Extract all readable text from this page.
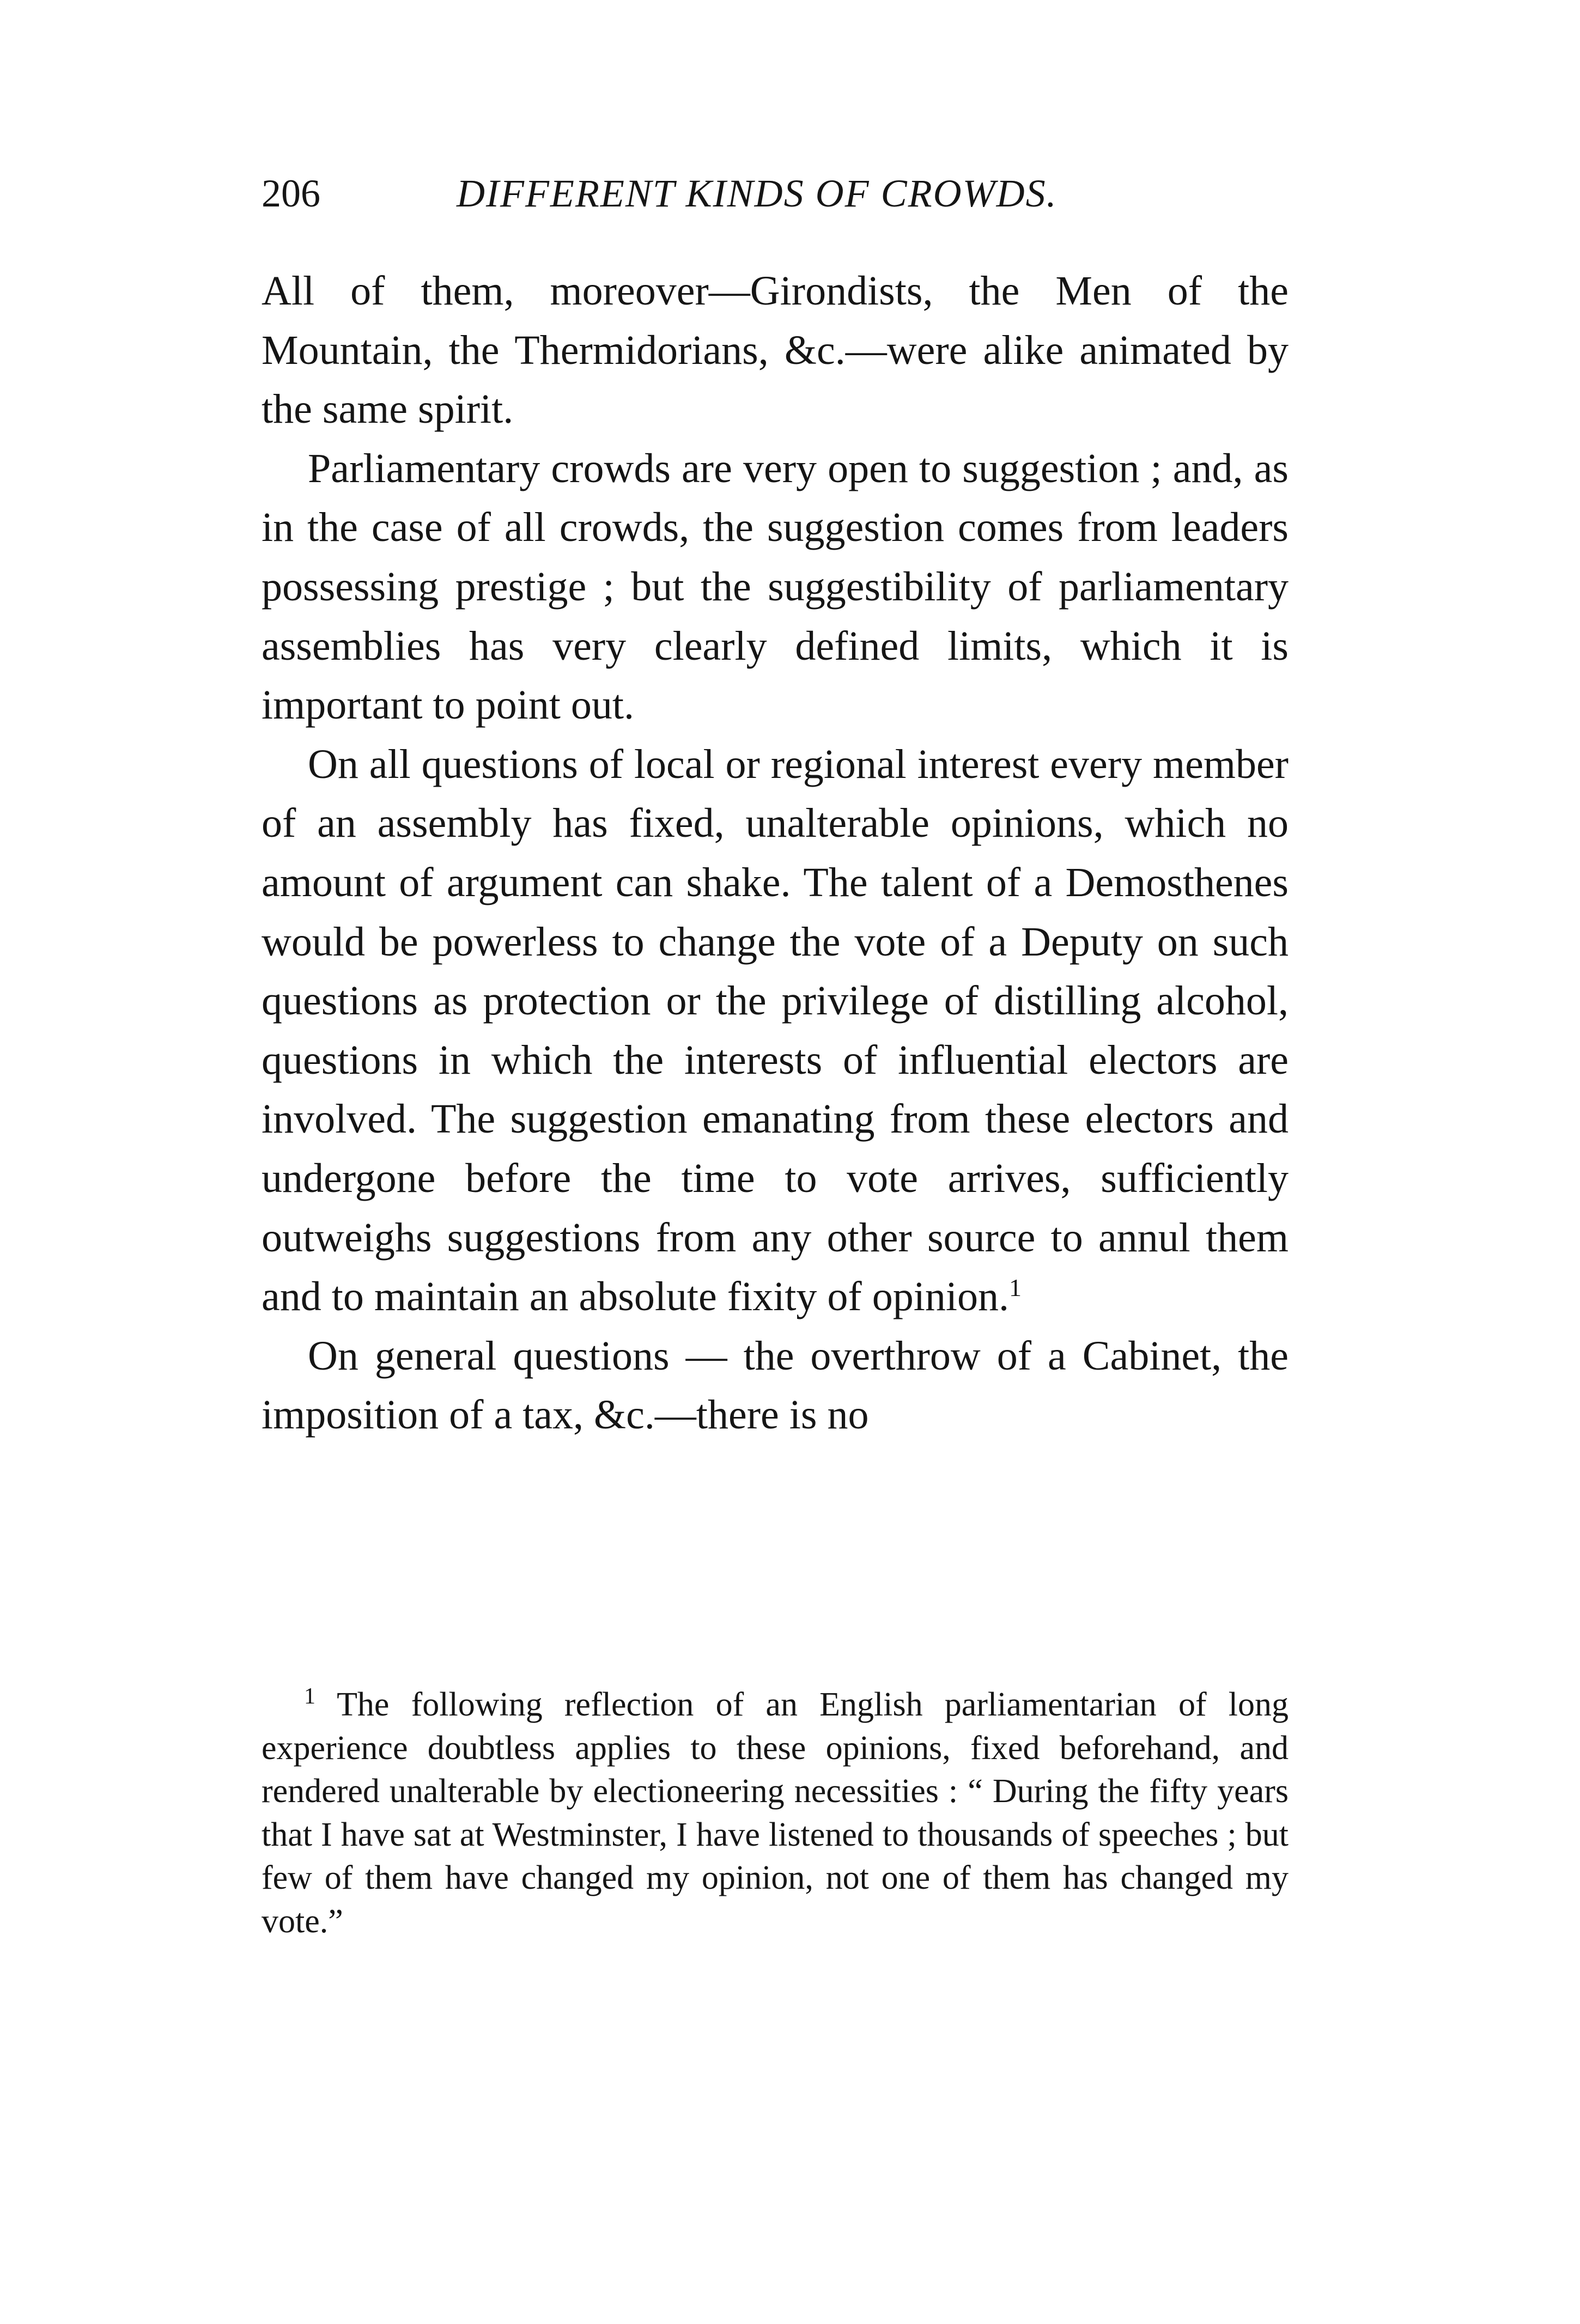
206	DIFFERENT KINDS OF CROWDS.

All of them, moreover—Girondists, the Men of the Mountain, the Thermidorians, &c.—were alike animated by the same spirit.

Parliamentary crowds are very open to suggestion ; and, as in the case of all crowds, the suggestion comes from leaders possessing prestige ; but the suggestibility of parliamentary assemblies has very clearly defined limits, which it is important to point out.

On all questions of local or regional interest every member of an assembly has fixed, unalterable opinions, which no amount of argument can shake. The talent of a Demosthenes would be powerless to change the vote of a Deputy on such questions as protection or the privilege of distilling alcohol, questions in which the interests of influential electors are involved. The suggestion emanating from these electors and undergone before the time to vote arrives, sufficiently outweighs suggestions from any other source to annul them and to maintain an absolute fixity of opinion.$^1$

On general questions — the overthrow of a Cabinet, the imposition of a tax, &c.—there is no

$^1$ The following reflection of an English parliamentarian of long experience doubtless applies to these opinions, fixed beforehand, and rendered unalterable by electioneering necessities : “ During the fifty years that I have sat at Westminster, I have listened to thousands of speeches ; but few of them have changed my opinion, not one of them has changed my vote.”
